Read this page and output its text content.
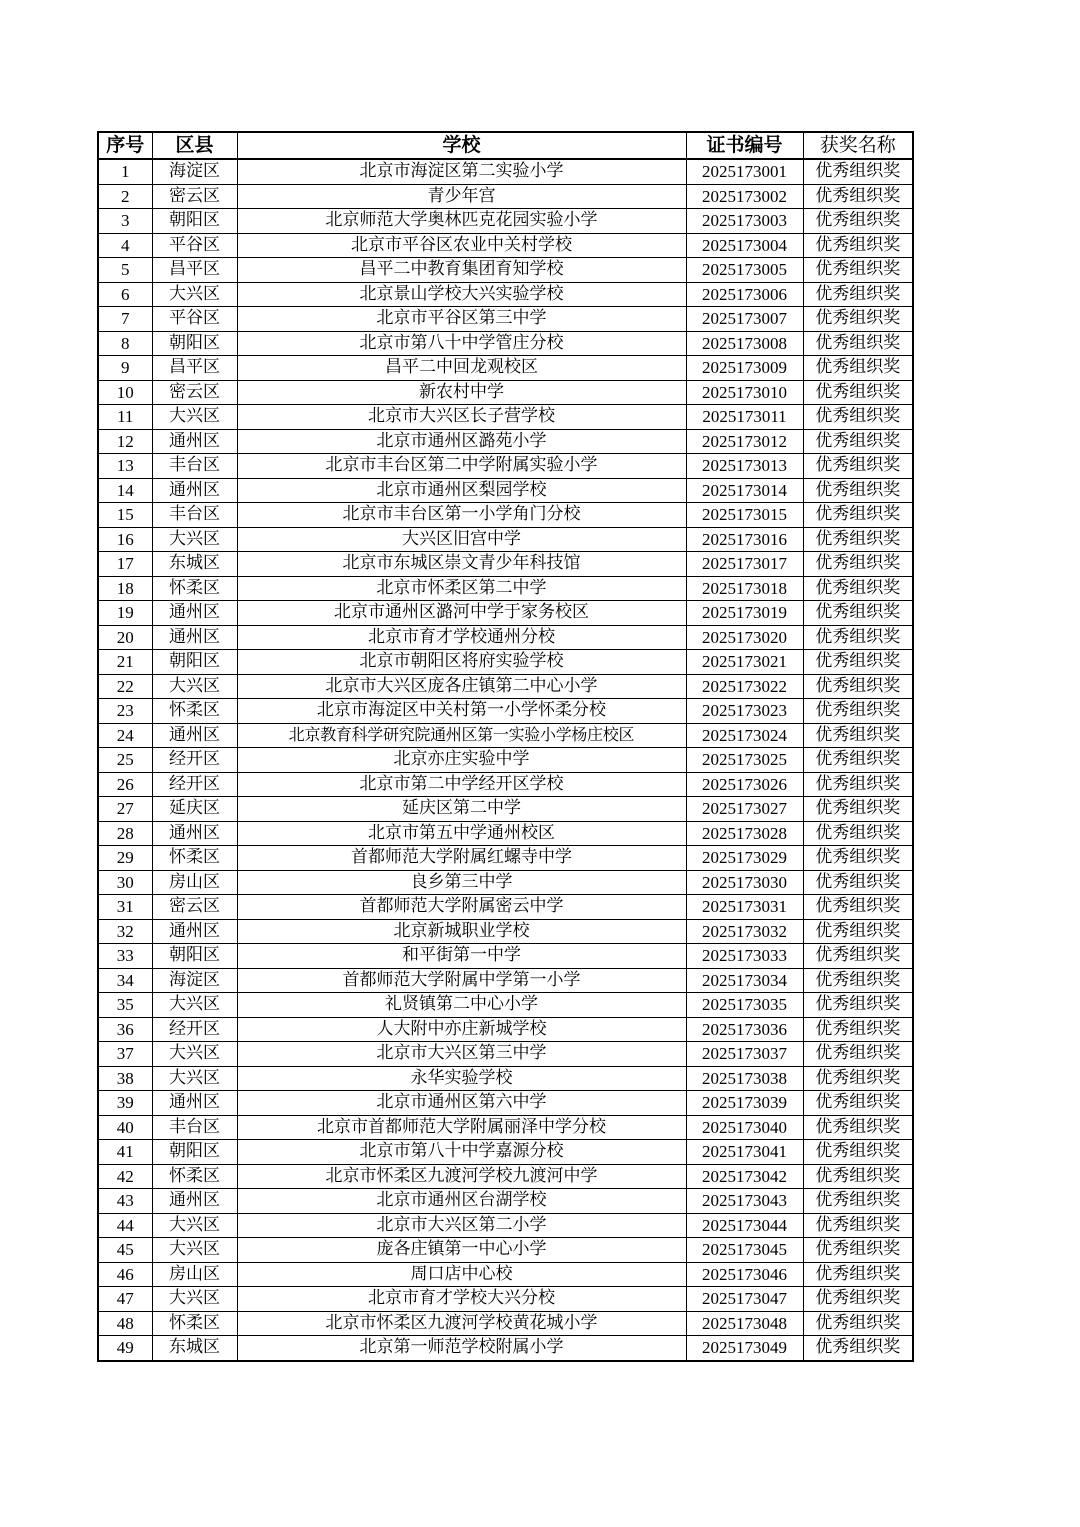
序号	区县	学校	证书编号	获奖名称
1	海淀区	北京市海淀区第二实验小学	2025173001	优秀组织奖
2	密云区	青少年宫	2025173002	优秀组织奖
3	朝阳区	北京师范大学奥林匹克花园实验小学	2025173003	优秀组织奖
4	平谷区	北京市平谷区农业中关村学校	2025173004	优秀组织奖
5	昌平区	昌平二中教育集团育知学校	2025173005	优秀组织奖
6	大兴区	北京景山学校大兴实验学校	2025173006	优秀组织奖
7	平谷区	北京市平谷区第三中学	2025173007	优秀组织奖
8	朝阳区	北京市第八十中学管庄分校	2025173008	优秀组织奖
9	昌平区	昌平二中回龙观校区	2025173009	优秀组织奖
10	密云区	新农村中学	2025173010	优秀组织奖
11	大兴区	北京市大兴区长子营学校	2025173011	优秀组织奖
12	通州区	北京市通州区潞苑小学	2025173012	优秀组织奖
13	丰台区	北京市丰台区第二中学附属实验小学	2025173013	优秀组织奖
14	通州区	北京市通州区梨园学校	2025173014	优秀组织奖
15	丰台区	北京市丰台区第一小学角门分校	2025173015	优秀组织奖
16	大兴区	大兴区旧宫中学	2025173016	优秀组织奖
17	东城区	北京市东城区崇文青少年科技馆	2025173017	优秀组织奖
18	怀柔区	北京市怀柔区第二中学	2025173018	优秀组织奖
19	通州区	北京市通州区潞河中学于家务校区	2025173019	优秀组织奖
20	通州区	北京市育才学校通州分校	2025173020	优秀组织奖
21	朝阳区	北京市朝阳区将府实验学校	2025173021	优秀组织奖
22	大兴区	北京市大兴区庞各庄镇第二中心小学	2025173022	优秀组织奖
23	怀柔区	北京市海淀区中关村第一小学怀柔分校	2025173023	优秀组织奖
24	通州区	北京教育科学研究院通州区第一实验小学杨庄校区	2025173024	优秀组织奖
25	经开区	北京亦庄实验中学	2025173025	优秀组织奖
26	经开区	北京市第二中学经开区学校	2025173026	优秀组织奖
27	延庆区	延庆区第二中学	2025173027	优秀组织奖
28	通州区	北京市第五中学通州校区	2025173028	优秀组织奖
29	怀柔区	首都师范大学附属红螺寺中学	2025173029	优秀组织奖
30	房山区	良乡第三中学	2025173030	优秀组织奖
31	密云区	首都师范大学附属密云中学	2025173031	优秀组织奖
32	通州区	北京新城职业学校	2025173032	优秀组织奖
33	朝阳区	和平街第一中学	2025173033	优秀组织奖
34	海淀区	首都师范大学附属中学第一小学	2025173034	优秀组织奖
35	大兴区	礼贤镇第二中心小学	2025173035	优秀组织奖
36	经开区	人大附中亦庄新城学校	2025173036	优秀组织奖
37	大兴区	北京市大兴区第三中学	2025173037	优秀组织奖
38	大兴区	永华实验学校	2025173038	优秀组织奖
39	通州区	北京市通州区第六中学	2025173039	优秀组织奖
40	丰台区	北京市首都师范大学附属丽泽中学分校	2025173040	优秀组织奖
41	朝阳区	北京市第八十中学嘉源分校	2025173041	优秀组织奖
42	怀柔区	北京市怀柔区九渡河学校九渡河中学	2025173042	优秀组织奖
43	通州区	北京市通州区台湖学校	2025173043	优秀组织奖
44	大兴区	北京市大兴区第二小学	2025173044	优秀组织奖
45	大兴区	庞各庄镇第一中心小学	2025173045	优秀组织奖
46	房山区	周口店中心校	2025173046	优秀组织奖
47	大兴区	北京市育才学校大兴分校	2025173047	优秀组织奖
48	怀柔区	北京市怀柔区九渡河学校黄花城小学	2025173048	优秀组织奖
49	东城区	北京第一师范学校附属小学	2025173049	优秀组织奖
